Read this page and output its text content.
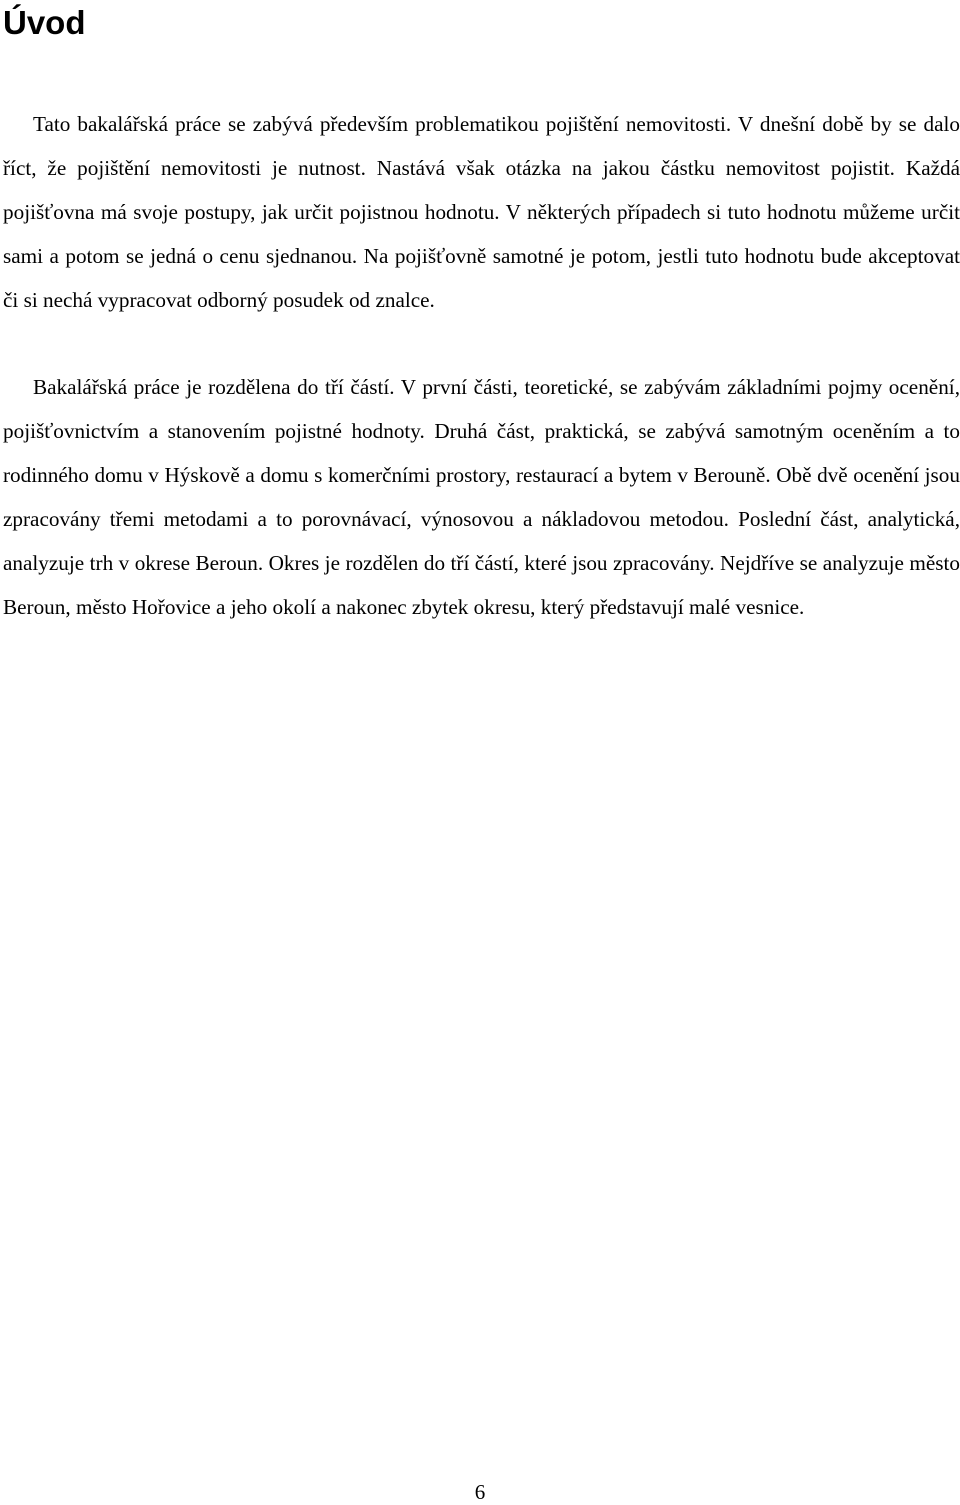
Úvod

Tato bakalářská práce se zabývá především problematikou pojištění nemovitosti. V dnešní době by se dalo říct, že pojištění nemovitosti je nutnost. Nastává však otázka na jakou částku nemovitost pojistit. Každá pojišťovna má svoje postupy, jak určit pojistnou hodnotu. V některých případech si tuto hodnotu můžeme určit sami a potom se jedná o cenu sjednanou. Na pojišťovně samotné je potom, jestli tuto hodnotu bude akceptovat či si nechá vypracovat odborný posudek od znalce.

Bakalářská práce je rozdělena do tří částí. V první části, teoretické, se zabývám základními pojmy ocenění, pojišťovnictvím a stanovením pojistné hodnoty. Druhá část, praktická, se zabývá samotným oceněním a to rodinného domu v Hýskově a domu s komerčními prostory, restaurací a bytem v Berouně. Obě dvě ocenění jsou zpracovány třemi metodami a to porovnávací, výnosovou a nákladovou metodou. Poslední část, analytická, analyzuje trh v okrese Beroun. Okres je rozdělen do tří částí, které jsou zpracovány. Nejdříve se analyzuje město Beroun, město Hořovice a jeho okolí a nakonec zbytek okresu, který představují malé vesnice.

6
